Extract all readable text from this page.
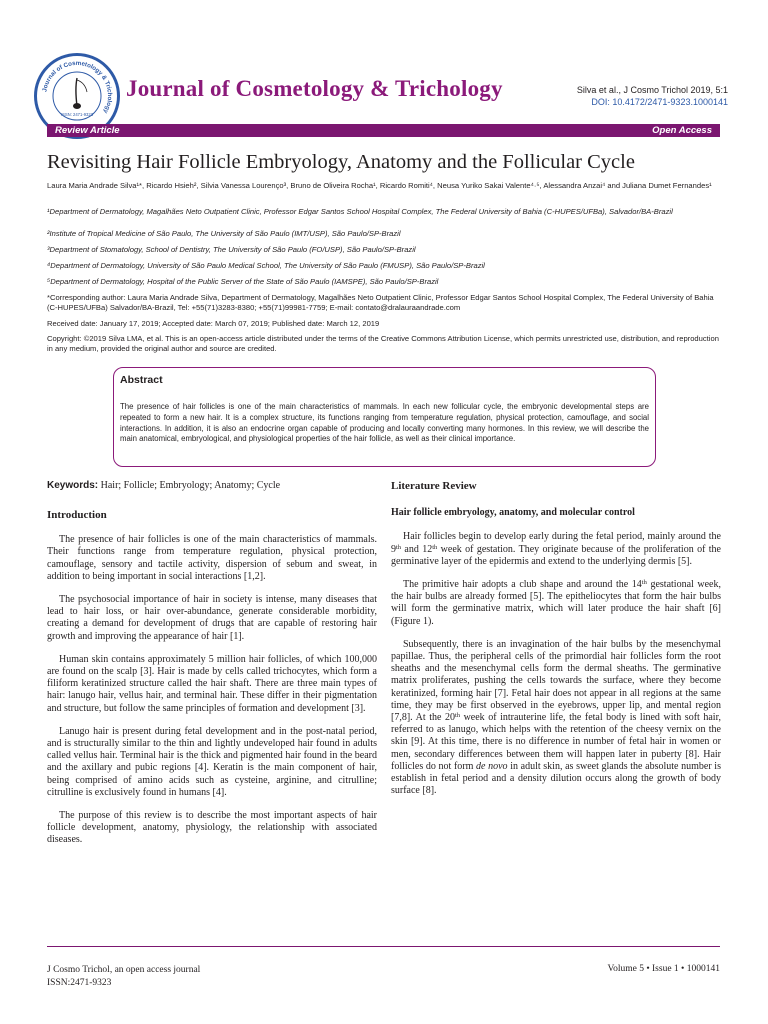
Journal of Cosmetology & Trichology
ISSN: 2471-9323
Journal of Cosmetology & Trichology	Silva et al., J Cosmo Trichol 2019, 5:1
DOI: 10.4172/2471-9323.1000141
Review Article	Open Access
Revisiting Hair Follicle Embryology, Anatomy and the Follicular Cycle
Laura Maria Andrade Silva¹*, Ricardo Hsieh², Silvia Vanessa Lourenço³, Bruno de Oliveira Rocha¹, Ricardo Romiti⁴, Neusa Yuriko Sakai Valente⁴·⁵, Alessandra Anzai⁴ and Juliana Dumet Fernandes¹
¹Department of Dermatology, Magalhães Neto Outpatient Clinic, Professor Edgar Santos School Hospital Complex, The Federal University of Bahia (C-HUPES/UFBa), Salvador/BA-Brazil
²Institute of Tropical Medicine of São Paulo, The University of São Paulo (IMT/USP), São Paulo/SP-Brazil
³Department of Stomatology, School of Dentistry, The University of São Paulo (FO/USP), São Paulo/SP-Brazil
⁴Department of Dermatology, University of São Paulo Medical School, The University of São Paulo (FMUSP), São Paulo/SP-Brazil
⁵Department of Dermatology, Hospital of the Public Server of the State of São Paulo (IAMSPE), São Paulo/SP-Brazil
*Corresponding author: Laura Maria Andrade Silva, Department of Dermatology, Magalhães Neto Outpatient Clinic, Professor Edgar Santos School Hospital Complex, The Federal University of Bahia (C-HUPES/UFBa) Salvador/BA-Brazil, Tel: +55(71)3283-8380; +55(71)99981-7759; E-mail: contato@dralauraandrade.com
Received date: January 17, 2019; Accepted date: March 07, 2019; Published date: March 12, 2019
Copyright: ©2019 Silva LMA, et al. This is an open-access article distributed under the terms of the Creative Commons Attribution License, which permits unrestricted use, distribution, and reproduction in any medium, provided the original author and source are credited.
Abstract
The presence of hair follicles is one of the main characteristics of mammals. In each new follicular cycle, the embryonic developmental steps are repeated to form a new hair. It is a complex structure, its functions ranging from temperature regulation, physical protection, camouflage, and social interactions. In addition, it is also an endocrine organ capable of producing and locally converting many hormones. In this review, we will describe the main anatomical, embryological, and physiological properties of the hair follicle, as well as their clinical importance.
Keywords: Hair; Follicle; Embryology; Anatomy; Cycle
Introduction

The presence of hair follicles is one of the main characteristics of mammals. Their functions range from temperature regulation, physical protection, camouflage, sensory and tactile activity, dispersion of sebum and sweat, in addition to being important in social interactions [1,2].

The psychosocial importance of hair in society is intense, many diseases that lead to hair loss, or hair over-abundance, generate considerable morbidity, creating a demand for development of drugs that are capable of restoring hair growth and improving the appearance of hair [1].

Human skin contains approximately 5 million hair follicles, of which 100,000 are found on the scalp [3]. Hair is made by cells called trichocytes, which form a filiform keratinized structure called the hair shaft. There are three main types of hair: lanugo hair, vellus hair, and terminal hair. These differ in their pigmentation and structure, but follow the same principles of formation and development [3].

Lanugo hair is present during fetal development and in the post-natal period, and is structurally similar to the thin and lightly undeveloped hair found in adults called vellus hair. Terminal hair is the thick and pigmented hair found in the beard and the axillary and pubic regions [4]. Keratin is the main component of hair, being comprised of amino acids such as cysteine, arginine, and citrulline; citrulline is exclusively found in humans [4].

The purpose of this review is to describe the most important aspects of hair follicle development, anatomy, physiology, the relationship with associated diseases.

Literature Review
Hair follicle embryology, anatomy, and molecular control

Hair follicles begin to develop early during the fetal period, mainly around the 9th and 12th week of gestation. They originate because of the proliferation of the germinative layer of the epidermis and extend to the underlying dermis [5].

The primitive hair adopts a club shape and around the 14th gestational week, the hair bulbs are already formed [5]. The epitheliocytes that form the hair bulbs will form the germinative matrix, which will later produce the hair shaft [6] (Figure 1).

Subsequently, there is an invagination of the hair bulbs by the mesenchymal papillae. Thus, the peripheral cells of the primordial hair follicles form the root sheaths and the mesenchymal cells form the dermal sheaths. The germinative matrix proliferates, pushing the cells towards the surface, where they become keratinized, forming hair [7]. Fetal hair does not appear in all regions at the same time, they may be first observed in the eyebrows, upper lip, and mental region [7,8]. At the 20th week of intrauterine life, the fetal body is lined with soft hair, referred to as lanugo, which helps with the retention of the cheesy vernix on the skin [9]. At this time, there is no difference in number of fetal hair in women or men, secondary differences between them will happen later in puberty [8]. Hair follicles do not form de novo in adult skin, as sweet glands the absolute number is establish in fetal period and a density dilution occurs along the growth of body surface [8].

J Cosmo Trichol, an open access journal
ISSN:2471-9323
Volume 5 • Issue 1 • 1000141
